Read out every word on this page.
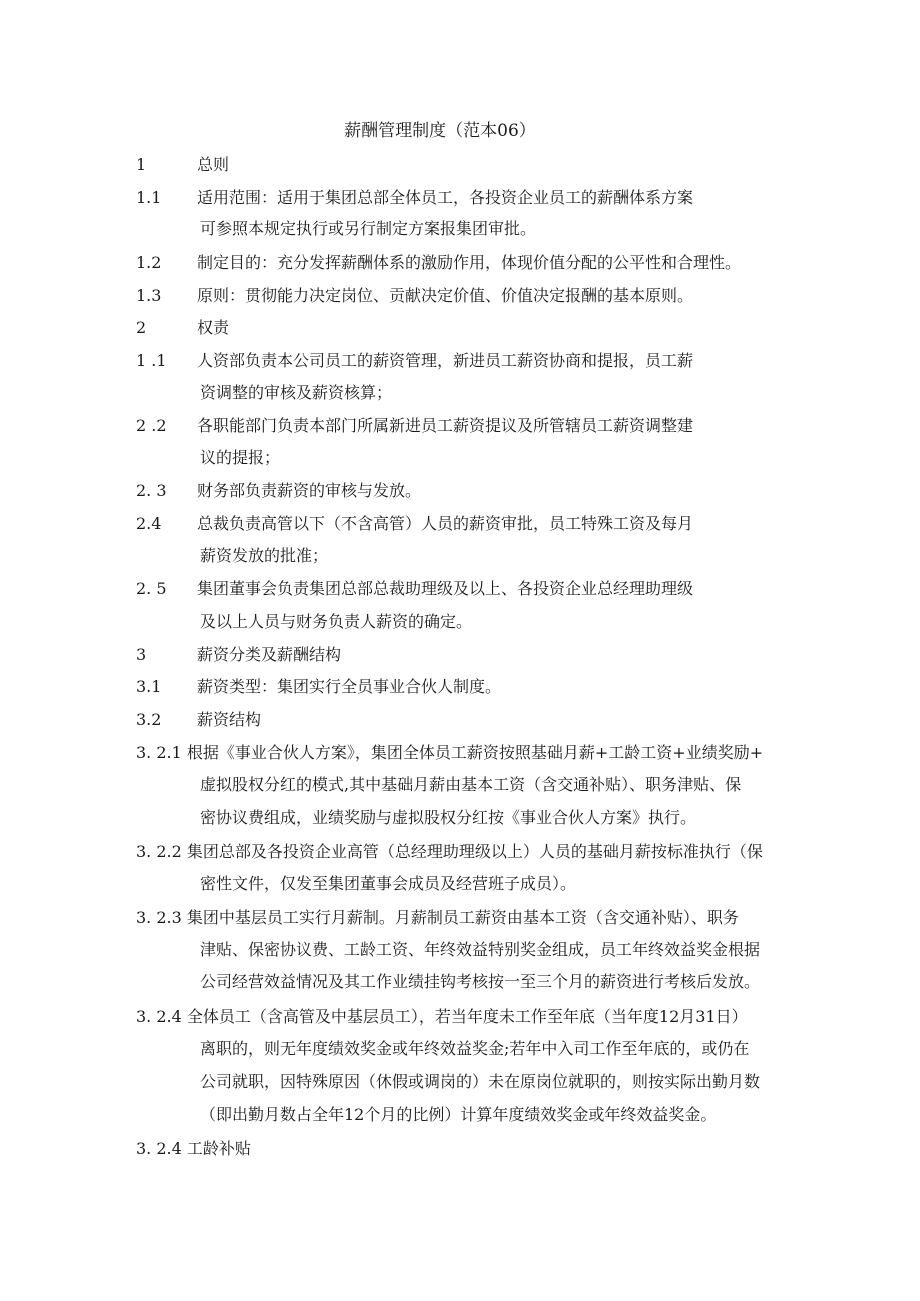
薪酬管理制度（范本06）
1	总则
1.1 适用范围：适用于集团总部全体员工，各投资企业员工的薪酬体系方案
可参照本规定执行或另行制定方案报集团审批。
1.2 制定目的：充分发挥薪酬体系的激励作用，体现价值分配的公平性和合理性。
1.3 原则：贯彻能力决定岗位、贡献决定价值、价值决定报酬的基本原则。
2	权责
1 .1 人资部负责本公司员工的薪资管理，新进员工薪资协商和提报，员工薪
资调整的审核及薪资核算；
2 .2 各职能部门负责本部门所属新进员工薪资提议及所管辖员工薪资调整建
议的提报；
2. 3 财务部负责薪资的审核与发放。
2.4 总裁负责高管以下（不含高管）人员的薪资审批，员工特殊工资及每月
薪资发放的批准；
2. 5 集团董事会负责集团总部总裁助理级及以上、各投资企业总经理助理级
及以上人员与财务负责人薪资的确定。
3	薪资分类及薪酬结构
3.1 薪资类型：集团实行全员事业合伙人制度。
3.2 薪资结构
3. 2.1 根据《事业合伙人方案》，集团全体员工薪资按照基础月薪+工龄工资+业绩奖励+
虚拟股权分红的模式,其中基础月薪由基本工资（含交通补贴）、职务津贴、保
密协议费组成，业绩奖励与虚拟股权分红按《事业合伙人方案》执行。
3. 2.2 集团总部及各投资企业高管（总经理助理级以上）人员的基础月薪按标准执行（保
密性文件，仅发至集团董事会成员及经营班子成员）。
3. 2.3 集团中基层员工实行月薪制。月薪制员工薪资由基本工资（含交通补贴）、职务
津贴、保密协议费、工龄工资、年终效益特别奖金组成，员工年终效益奖金根据
公司经营效益情况及其工作业绩挂钩考核按一至三个月的薪资进行考核后发放。
3. 2.4 全体员工（含高管及中基层员工），若当年度未工作至年底（当年度12月31日）
离职的，则无年度绩效奖金或年终效益奖金;若年中入司工作至年底的，或仍在
公司就职，因特殊原因（休假或调岗的）未在原岗位就职的，则按实际出勤月数
（即出勤月数占全年12个月的比例）计算年度绩效奖金或年终效益奖金。
3. 2.4 工龄补贴
